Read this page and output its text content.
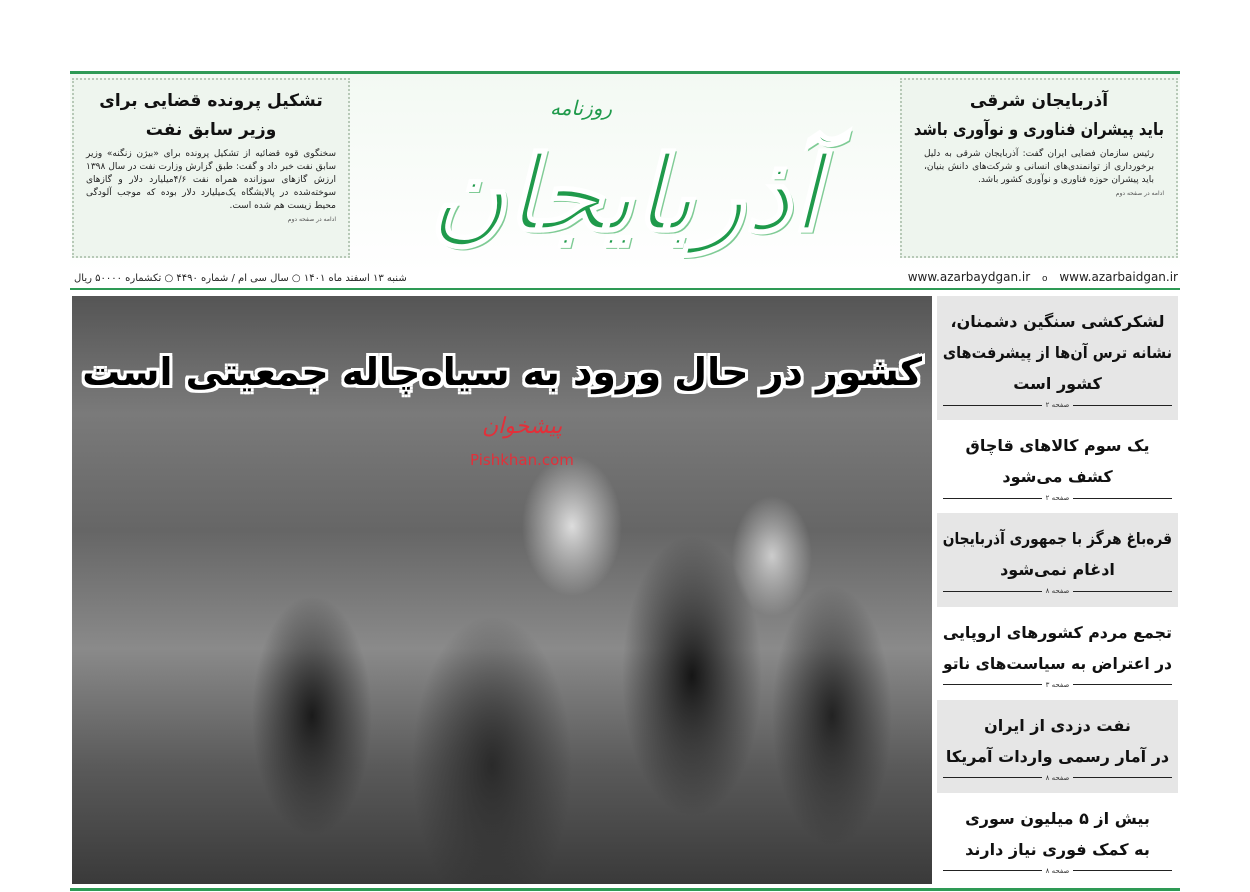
تشکیل پرونده قضایی برای
وزیر سابق نفت

سخنگوی قوه قضائیه از تشکیل پرونده برای «بیژن زنگنه» وزیر سابق نفت خبر داد و گفت: طبق گزارش وزارت نفت در سال ۱۳۹۸ ارزش گازهای سوزانده همراه نفت ۴/۶میلیارد دلار و گازهای سوخته‌شده در پالایشگاه یک‌میلیارد دلار بوده که موجب آلودگی محیط زیست هم شده است.

ادامه در صفحه دوم
آذربایجان شرقی
باید پیشران فناوری و نوآوری باشد

رئیس سازمان فضایی ایران گفت: آذربایجان شرقی به دلیل برخورداری از توانمندی‌های انسانی و شرکت‌های دانش بنیان، باید پیشران حوزه فناوری و نوآوری کشور باشد.

ادامه در صفحه دوم
روزنامه
آذربایجان
شنبه ۱۳ اسفند ماه ۱۴۰۱ ○ سال سی ام / شماره ۴۴۹۰ ○ تکشماره ۵۰۰۰۰ ریال	www.azarbaydgan.ir o www.azarbaidgan.ir
کشور در حال ورود به سیاه‌چاله جمعیتی است
پیشخوان
Pishkhan.com
لشکرکشی سنگین دشمنان،
نشانه ترس آن‌ها از پیشرفت‌های
کشور است
صفحه ۲
یک سوم کالاهای قاچاق
کشف می‌شود
صفحه ۲
قره‌باغ هرگز با جمهوری آذربایجان
ادغام نمی‌شود
صفحه ۸
تجمع مردم کشورهای اروپایی
در اعتراض به سیاست‌های ناتو
صفحه ۳
نفت دزدی از ایران
در آمار رسمی واردات آمریکا
صفحه ۸
بیش از ۵ میلیون سوری
به کمک فوری نیاز دارند
صفحه ۸
